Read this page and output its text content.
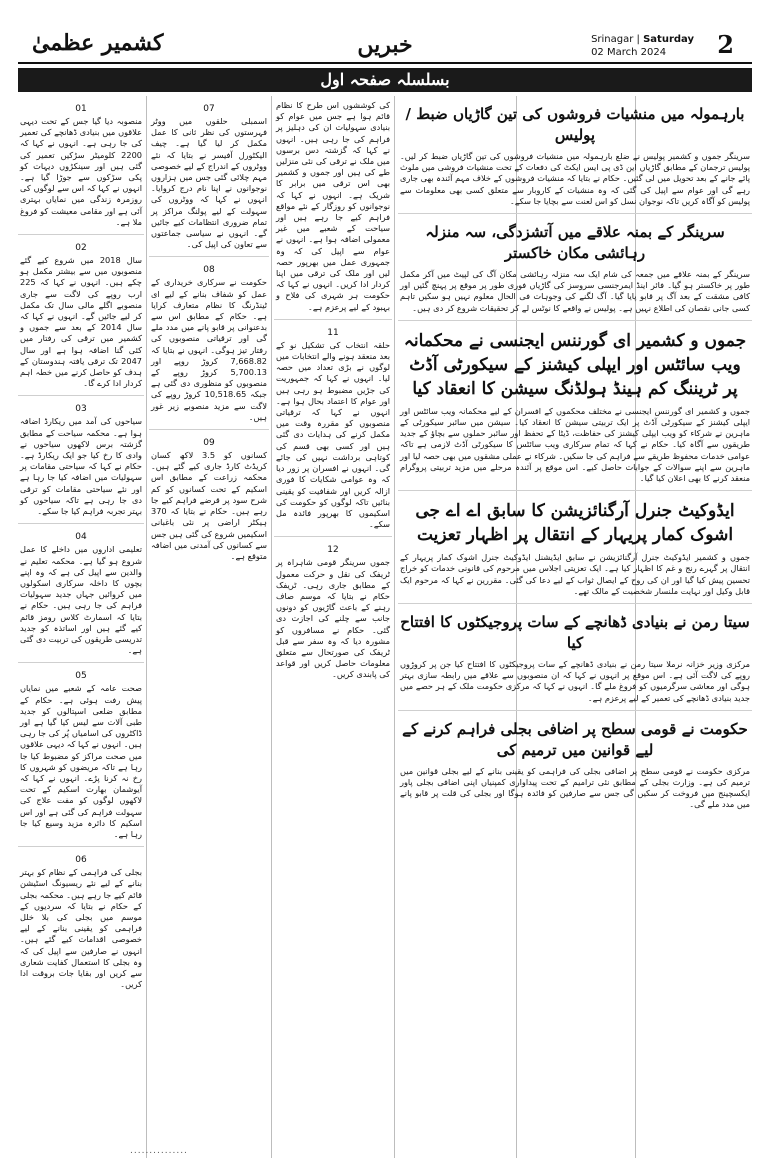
کشمیر عظمیٰ	خبریں	Srinagar | Saturday
02 March 2024	2
بسلسلہ صفحہ اول
بارہمولہ میں منشیات فروشوں کی تین گاڑیاں ضبط / پولیس

سرینگر جموں و کشمیر پولیس نے ضلع بارہمولہ میں منشیات فروشوں کی تین گاڑیاں ضبط کر لیں۔ پولیس ترجمان کے مطابق گاڑیاں این ڈی پی ایس ایکٹ کی دفعات کے تحت منشیات فروشی میں ملوث پائے جانے کے بعد تحویل میں لی گئیں۔ حکام نے بتایا کہ منشیات فروشوں کے خلاف مہم آئندہ بھی جاری رہے گی اور عوام سے اپیل کی گئی کہ وہ منشیات کے کاروبار سے متعلق کسی بھی معلومات سے پولیس کو آگاہ کریں تاکہ نوجوان نسل کو اس لعنت سے بچایا جا سکے۔

سرینگر کے بمنہ علاقے میں آتشزدگی، سہ منزلہ رہائشی مکان خاکستر

سرینگر کے بمنہ علاقے میں جمعہ کی شام ایک سہ منزلہ رہائشی مکان آگ کی لپیٹ میں آکر مکمل طور پر خاکستر ہو گیا۔ فائر اینڈ ایمرجنسی سروسز کی گاڑیاں فوری طور پر موقع پر پہنچ گئیں اور کافی مشقت کے بعد آگ پر قابو پایا گیا۔ آگ لگنے کی وجوہات فی الحال معلوم نہیں ہو سکیں تاہم کسی جانی نقصان کی اطلاع نہیں ہے۔ پولیس نے واقعے کا نوٹس لے کر تحقیقات شروع کر دی ہیں۔

جموں و کشمیر ای گورننس ایجنسی نے محکمانہ ویب سائٹس اور ایپلی کیشنز کے سیکورٹی آڈٹ پر ٹریننگ کم ہینڈ ہولڈنگ سیشن کا انعقاد کیا

جموں و کشمیر ای گورننس ایجنسی نے مختلف محکموں کے افسران کے لیے محکمانہ ویب سائٹس اور ایپلی کیشنز کے سیکورٹی آڈٹ پر ایک تربیتی سیشن کا انعقاد کیا۔ سیشن میں سائبر سیکورٹی کے ماہرین نے شرکاء کو ویب ایپلی کیشنز کی حفاظت، ڈیٹا کے تحفظ اور سائبر حملوں سے بچاؤ کے جدید طریقوں سے آگاہ کیا۔ حکام نے کہا کہ تمام سرکاری ویب سائٹس کا سیکورٹی آڈٹ لازمی ہے تاکہ عوامی خدمات محفوظ طریقے سے فراہم کی جا سکیں۔ شرکاء نے عملی مشقوں میں بھی حصہ لیا اور ماہرین سے اپنے سوالات کے جوابات حاصل کیے۔ اس موقع پر آئندہ مرحلے میں مزید تربیتی پروگرام منعقد کرنے کا بھی اعلان کیا گیا۔

ایڈوکیٹ جنرل آرگنائزیشن کا سابق اے اے جی اشوک کمار پریہار کے انتقال پر اظہار تعزیت

جموں و کشمیر ایڈوکیٹ جنرل آرگنائزیشن نے سابق ایڈیشنل ایڈوکیٹ جنرل اشوک کمار پریہار کے انتقال پر گہرے رنج و غم کا اظہار کیا ہے۔ ایک تعزیتی اجلاس میں مرحوم کی قانونی خدمات کو خراج تحسین پیش کیا گیا اور ان کی روح کے ایصال ثواب کے لیے دعا کی گئی۔ مقررین نے کہا کہ مرحوم ایک قابل وکیل اور نہایت ملنسار شخصیت کے مالک تھے۔

سیتا رمن نے بنیادی ڈھانچے کے سات پروجیکٹوں کا افتتاح کیا

مرکزی وزیر خزانہ نرملا سیتا رمن نے بنیادی ڈھانچے کے سات پروجیکٹوں کا افتتاح کیا جن پر کروڑوں روپے کی لاگت آئی ہے۔ اس موقع پر انہوں نے کہا کہ ان منصوبوں سے علاقے میں رابطہ سازی بہتر ہوگی اور معاشی سرگرمیوں کو فروغ ملے گا۔ انہوں نے کہا کہ مرکزی حکومت ملک کے ہر حصے میں جدید بنیادی ڈھانچے کی تعمیر کے لیے پرعزم ہے۔

حکومت نے قومی سطح پر اضافی بجلی فراہم کرنے کے لیے قوانین میں ترمیم کی

مرکزی حکومت نے قومی سطح پر اضافی بجلی کی فراہمی کو یقینی بنانے کے لیے بجلی قوانین میں ترمیم کی ہے۔ وزارت بجلی کے مطابق نئی ترامیم کے تحت پیداواری کمپنیاں اپنی اضافی بجلی پاور ایکسچینج میں فروخت کر سکیں گی جس سے صارفین کو فائدہ ہوگا اور بجلی کی قلت پر قابو پانے میں مدد ملے گی۔

کی کوششوں اس طرح کا نظام قائم ہوا ہے جس میں عوام کو بنیادی سہولیات ان کی دہلیز پر فراہم کی جا رہی ہیں۔ انہوں نے کہا کہ گزشتہ دس برسوں میں ملک نے ترقی کی نئی منزلیں طے کی ہیں اور جموں و کشمیر بھی اس ترقی میں برابر کا شریک ہے۔ انہوں نے کہا کہ نوجوانوں کو روزگار کے نئے مواقع فراہم کیے جا رہے ہیں اور سیاحت کے شعبے میں غیر معمولی اضافہ ہوا ہے۔ انہوں نے عوام سے اپیل کی کہ وہ جمہوری عمل میں بھرپور حصہ لیں اور ملک کی ترقی میں اپنا کردار ادا کریں۔ انہوں نے کہا کہ حکومت ہر شہری کی فلاح و بہبود کے لیے پرعزم ہے۔

11

حلقہ انتخاب کی تشکیل نو کے بعد منعقد ہونے والے انتخابات میں لوگوں نے بڑی تعداد میں حصہ لیا۔ انہوں نے کہا کہ جمہوریت کی جڑیں مضبوط ہو رہی ہیں اور عوام کا اعتماد بحال ہوا ہے۔ انہوں نے کہا کہ ترقیاتی منصوبوں کو مقررہ وقت میں مکمل کرنے کی ہدایات دی گئی ہیں اور کسی بھی قسم کی کوتاہی برداشت نہیں کی جائے گی۔ انہوں نے افسران پر زور دیا کہ وہ عوامی شکایات کا فوری ازالہ کریں اور شفافیت کو یقینی بنائیں تاکہ لوگوں کو حکومت کی اسکیموں کا بھرپور فائدہ مل سکے۔

12

جموں سرینگر قومی شاہراہ پر ٹریفک کی نقل و حرکت معمول کے مطابق جاری رہی۔ ٹریفک حکام نے بتایا کہ موسم صاف رہنے کے باعث گاڑیوں کو دونوں جانب سے چلنے کی اجازت دی گئی۔ حکام نے مسافروں کو مشورہ دیا کہ وہ سفر سے قبل ٹریفک کی صورتحال سے متعلق معلومات حاصل کریں اور قواعد کی پابندی کریں۔

07

اسمبلی حلقوں میں ووٹر فہرستوں کی نظر ثانی کا عمل مکمل کر لیا گیا ہے۔ چیف الیکٹورل آفیسر نے بتایا کہ نئے ووٹروں کے اندراج کے لیے خصوصی مہم چلائی گئی جس میں ہزاروں نوجوانوں نے اپنا نام درج کروایا۔ انہوں نے کہا کہ ووٹروں کی سہولت کے لیے پولنگ مراکز پر تمام ضروری انتظامات کیے جائیں گے۔ انہوں نے سیاسی جماعتوں سے تعاون کی اپیل کی۔

08

حکومت نے سرکاری خریداری کے عمل کو شفاف بنانے کے لیے ای ٹینڈرنگ کا نظام متعارف کرایا ہے۔ حکام کے مطابق اس سے بدعنوانی پر قابو پانے میں مدد ملے گی اور ترقیاتی منصوبوں کی رفتار تیز ہوگی۔ انہوں نے بتایا کہ 7,668.82 کروڑ روپے اور 5,700.13 کروڑ روپے کے منصوبوں کو منظوری دی گئی ہے جبکہ 10,518.65 کروڑ روپے کی لاگت سے مزید منصوبے زیر غور ہیں۔

09

کسانوں کو 3.5 لاکھ کسان کریڈٹ کارڈ جاری کیے گئے ہیں۔ محکمہ زراعت کے مطابق اس اسکیم کے تحت کسانوں کو کم شرح سود پر قرضے فراہم کیے جا رہے ہیں۔ حکام نے بتایا کہ 370 ہیکٹر اراضی پر نئی باغبانی اسکیمیں شروع کی گئی ہیں جس سے کسانوں کی آمدنی میں اضافہ متوقع ہے۔

01

منصوبہ دیا گیا جس کے تحت دیہی علاقوں میں بنیادی ڈھانچے کی تعمیر کی جا رہی ہے۔ انہوں نے کہا کہ 2200 کلومیٹر سڑکیں تعمیر کی گئی ہیں اور سینکڑوں دیہات کو پکی سڑکوں سے جوڑا گیا ہے۔ انہوں نے کہا کہ اس سے لوگوں کی روزمرہ زندگی میں نمایاں بہتری آئی ہے اور مقامی معیشت کو فروغ ملا ہے۔

02

سال 2018 میں شروع کیے گئے منصوبوں میں سے بیشتر مکمل ہو چکے ہیں۔ انہوں نے کہا کہ 225 ارب روپے کی لاگت سے جاری منصوبے اگلے مالی سال تک مکمل کر لیے جائیں گے۔ انہوں نے کہا کہ سال 2014 کے بعد سے جموں و کشمیر میں ترقی کی رفتار میں کئی گنا اضافہ ہوا ہے اور سال 2047 تک ترقی یافتہ ہندوستان کے ہدف کو حاصل کرنے میں خطہ اہم کردار ادا کرے گا۔

03

سیاحوں کی آمد میں ریکارڈ اضافہ ہوا ہے۔ محکمہ سیاحت کے مطابق گزشتہ برس لاکھوں سیاحوں نے وادی کا رخ کیا جو ایک ریکارڈ ہے۔ حکام نے کہا کہ سیاحتی مقامات پر سہولیات میں اضافہ کیا جا رہا ہے اور نئے سیاحتی مقامات کو ترقی دی جا رہی ہے تاکہ سیاحوں کو بہتر تجربہ فراہم کیا جا سکے۔

04

تعلیمی اداروں میں داخلے کا عمل شروع ہو گیا ہے۔ محکمہ تعلیم نے والدین سے اپیل کی ہے کہ وہ اپنے بچوں کا داخلہ سرکاری اسکولوں میں کروائیں جہاں جدید سہولیات فراہم کی جا رہی ہیں۔ حکام نے بتایا کہ اسمارٹ کلاس رومز قائم کیے گئے ہیں اور اساتذہ کو جدید تدریسی طریقوں کی تربیت دی گئی ہے۔

05

صحت عامہ کے شعبے میں نمایاں پیش رفت ہوئی ہے۔ حکام کے مطابق ضلعی اسپتالوں کو جدید طبی آلات سے لیس کیا گیا ہے اور ڈاکٹروں کی اسامیاں پُر کی جا رہی ہیں۔ انہوں نے کہا کہ دیہی علاقوں میں صحت مراکز کو مضبوط کیا جا رہا ہے تاکہ مریضوں کو شہروں کا رخ نہ کرنا پڑے۔ انہوں نے کہا کہ آیوشمان بھارت اسکیم کے تحت لاکھوں لوگوں کو مفت علاج کی سہولت فراہم کی گئی ہے اور اس اسکیم کا دائرہ مزید وسیع کیا جا رہا ہے۔

06

بجلی کی فراہمی کے نظام کو بہتر بنانے کے لیے نئے ریسیونگ اسٹیشن قائم کیے جا رہے ہیں۔ محکمہ بجلی کے حکام نے بتایا کہ سردیوں کے موسم میں بجلی کی بلا خلل فراہمی کو یقینی بنانے کے لیے خصوصی اقدامات کیے گئے ہیں۔ انہوں نے صارفین سے اپیل کی کہ وہ بجلی کا استعمال کفایت شعاری سے کریں اور بقایا جات بروقت ادا کریں۔

...............
